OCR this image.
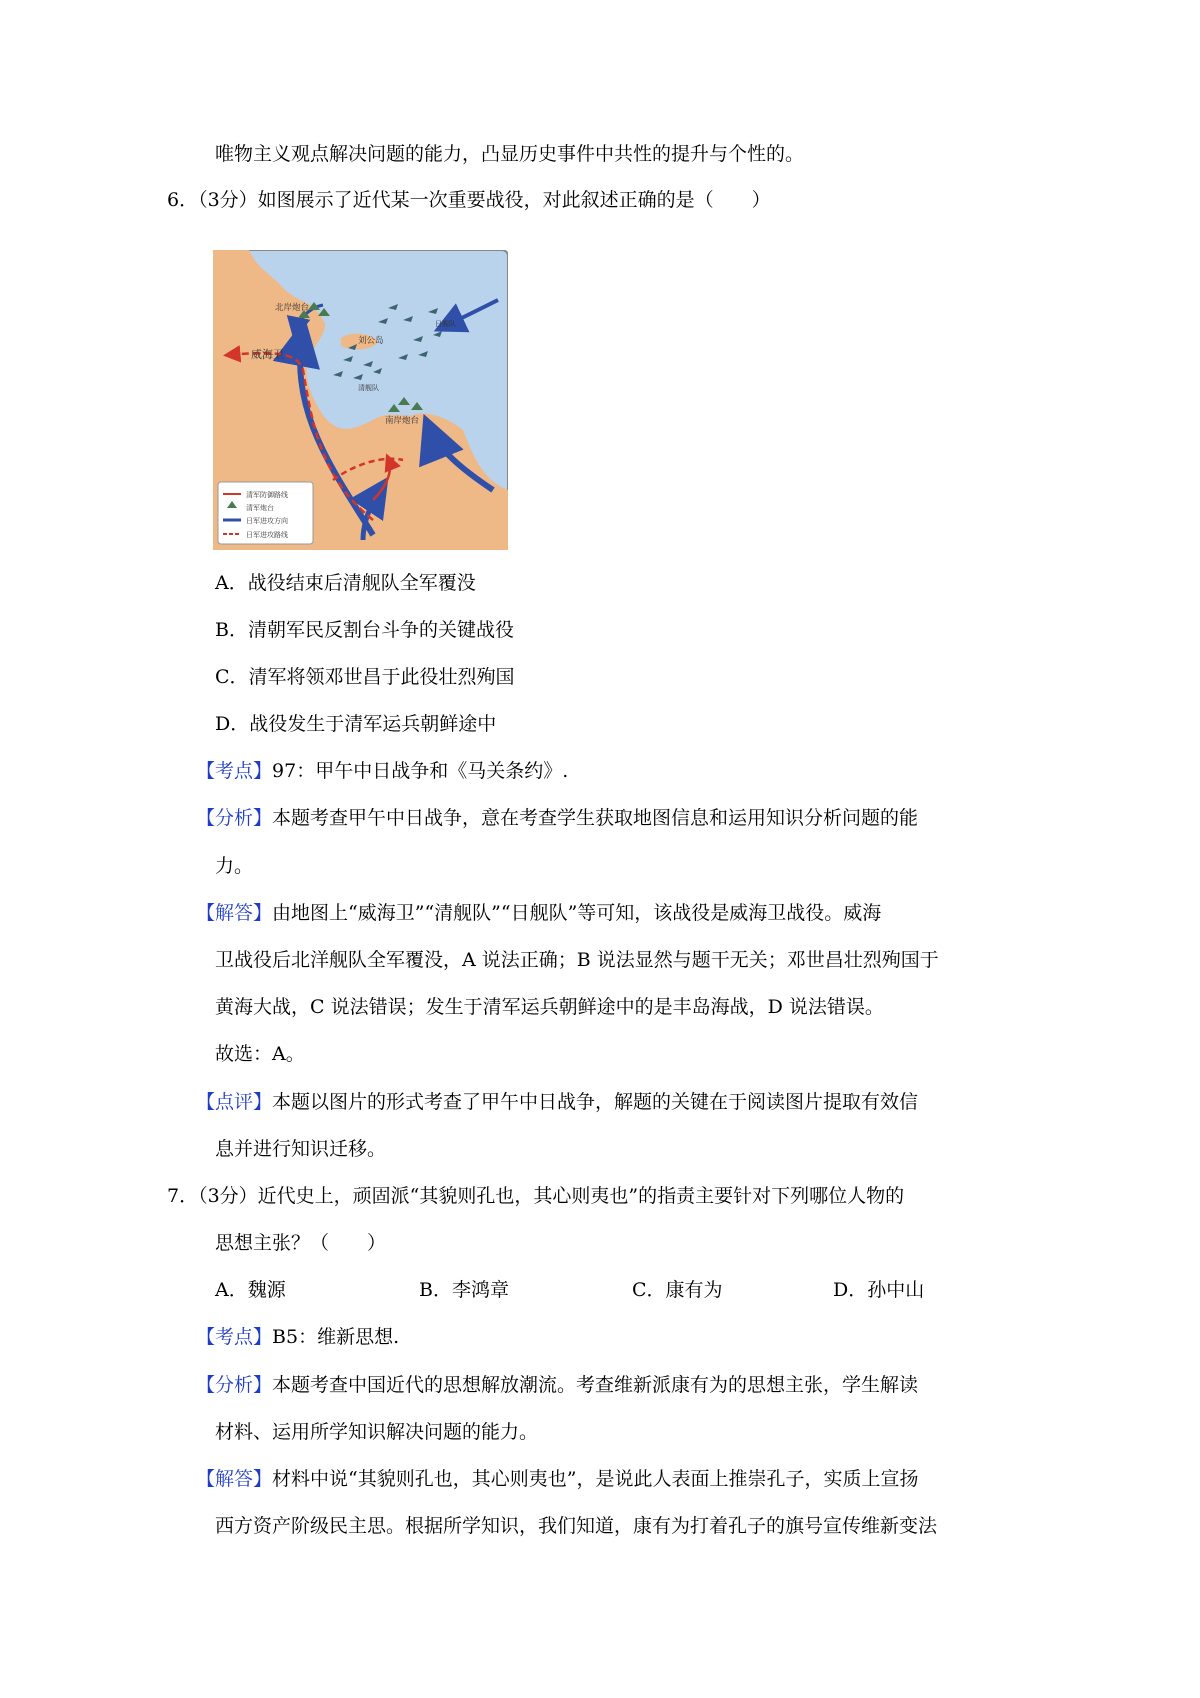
唯物主义观点解决问题的能力，凸显历史事件中共性的提升与个性的。
6．（3分）如图展示了近代某一次重要战役，对此叙述正确的是（　　）
北岸炮台
威海卫
刘公岛
日舰队
清舰队
南岸炮台
清军防御路线
清军炮台
日军进攻方向
日军进攻路线
A．战役结束后清舰队全军覆没
B．清朝军民反割台斗争的关键战役
C．清军将领邓世昌于此役壮烈殉国
D．战役发生于清军运兵朝鲜途中
【考点】97：甲午中日战争和《马关条约》.
【分析】本题考查甲午中日战争，意在考查学生获取地图信息和运用知识分析问题的能
力。
【解答】由地图上“威海卫”“清舰队”“日舰队”等可知，该战役是威海卫战役。威海
卫战役后北洋舰队全军覆没，A 说法正确；B 说法显然与题干无关；邓世昌壮烈殉国于
黄海大战，C 说法错误；发生于清军运兵朝鲜途中的是丰岛海战，D 说法错误。
故选：A。
【点评】本题以图片的形式考查了甲午中日战争，解题的关键在于阅读图片提取有效信
息并进行知识迁移。
7．（3分）近代史上，顽固派“其貌则孔也，其心则夷也”的指责主要针对下列哪位人物的
思想主张？（　　）
A．魏源	B．李鸿章	C．康有为	D．孙中山
【考点】B5：维新思想.
【分析】本题考查中国近代的思想解放潮流。考查维新派康有为的思想主张，学生解读
材料、运用所学知识解决问题的能力。
【解答】材料中说“其貌则孔也，其心则夷也”，是说此人表面上推崇孔子，实质上宣扬
西方资产阶级民主思。根据所学知识，我们知道，康有为打着孔子的旗号宣传维新变法
